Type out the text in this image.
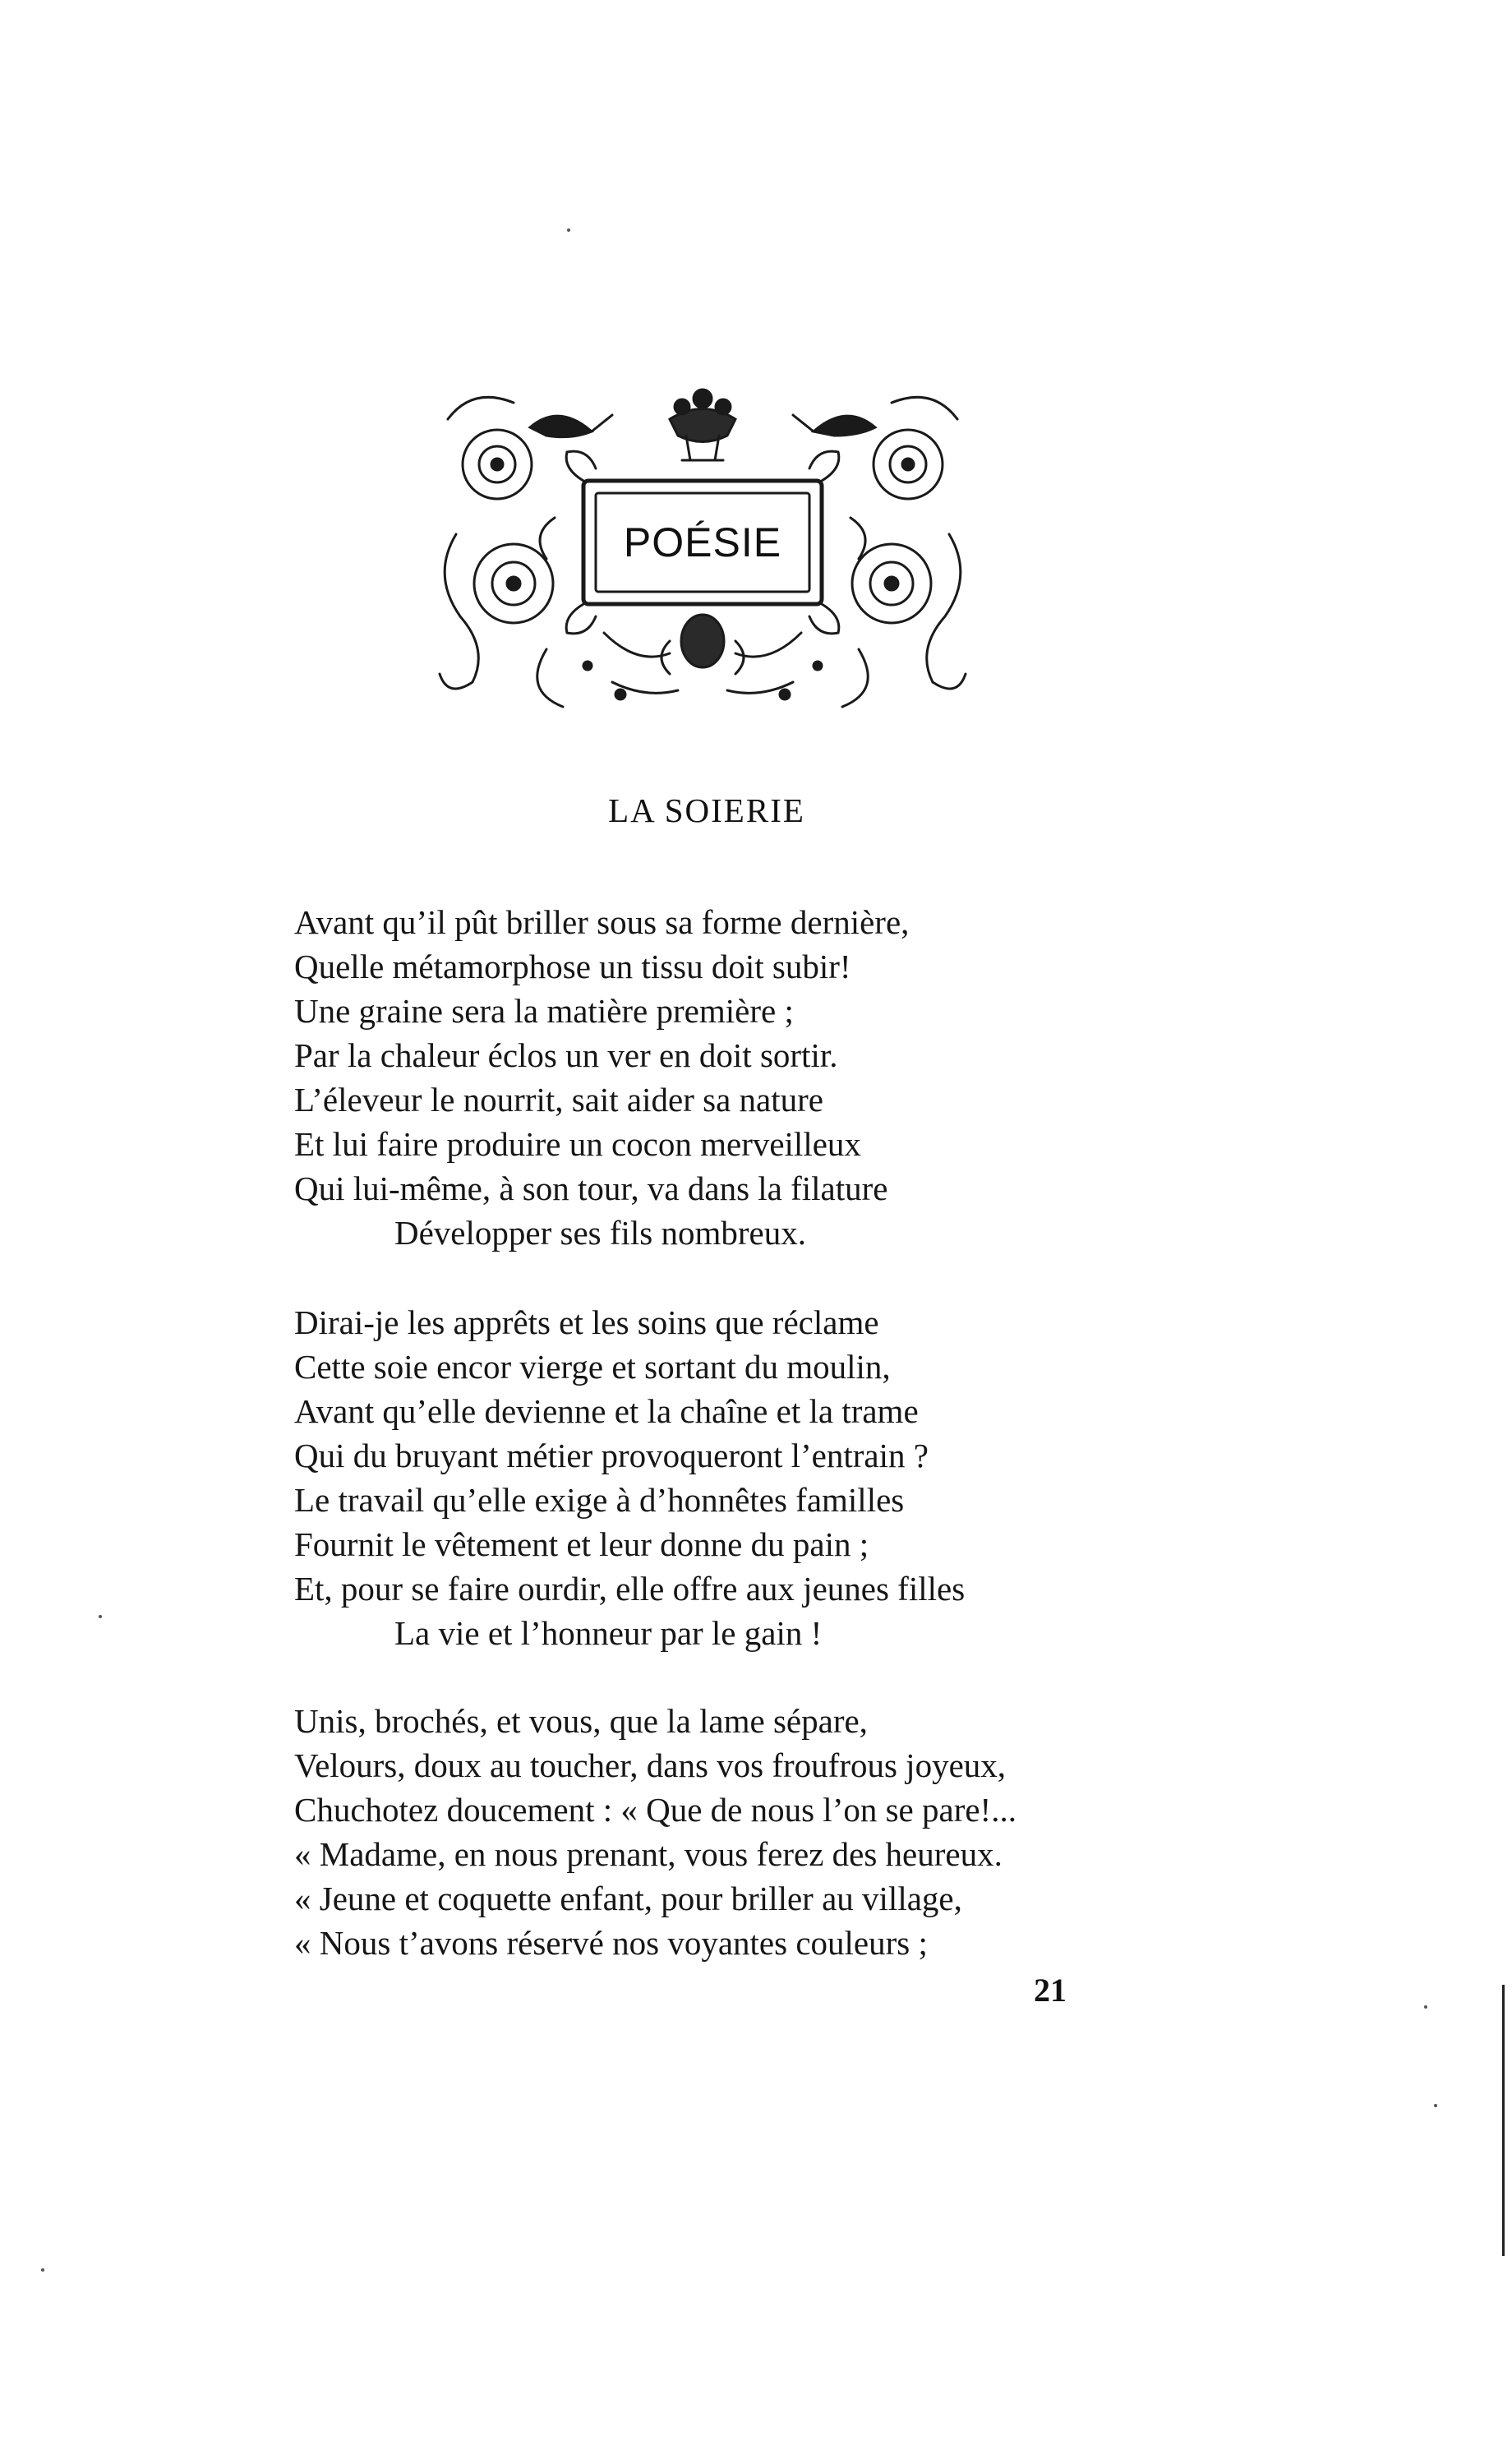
POÉSIE
LA SOIERIE
Avant qu’il pût briller sous sa forme dernière,
Quelle métamorphose un tissu doit subir!
Une graine sera la matière première ;
Par la chaleur éclos un ver en doit sortir.
L’éleveur le nourrit, sait aider sa nature
Et lui faire produire un cocon merveilleux
Qui lui-même, à son tour, va dans la filature
Développer ses fils nombreux.
Dirai-je les apprêts et les soins que réclame
Cette soie encor vierge et sortant du moulin,
Avant qu’elle devienne et la chaîne et la trame
Qui du bruyant métier provoqueront l’entrain ?
Le travail qu’elle exige à d’honnêtes familles
Fournit le vêtement et leur donne du pain ;
Et, pour se faire ourdir, elle offre aux jeunes filles
La vie et l’honneur par le gain !
Unis, brochés, et vous, que la lame sépare,
Velours, doux au toucher, dans vos froufrous joyeux,
Chuchotez doucement : « Que de nous l’on se pare!...
« Madame, en nous prenant, vous ferez des heureux.
« Jeune et coquette enfant, pour briller au village,
« Nous t’avons réservé nos voyantes couleurs ;
21
